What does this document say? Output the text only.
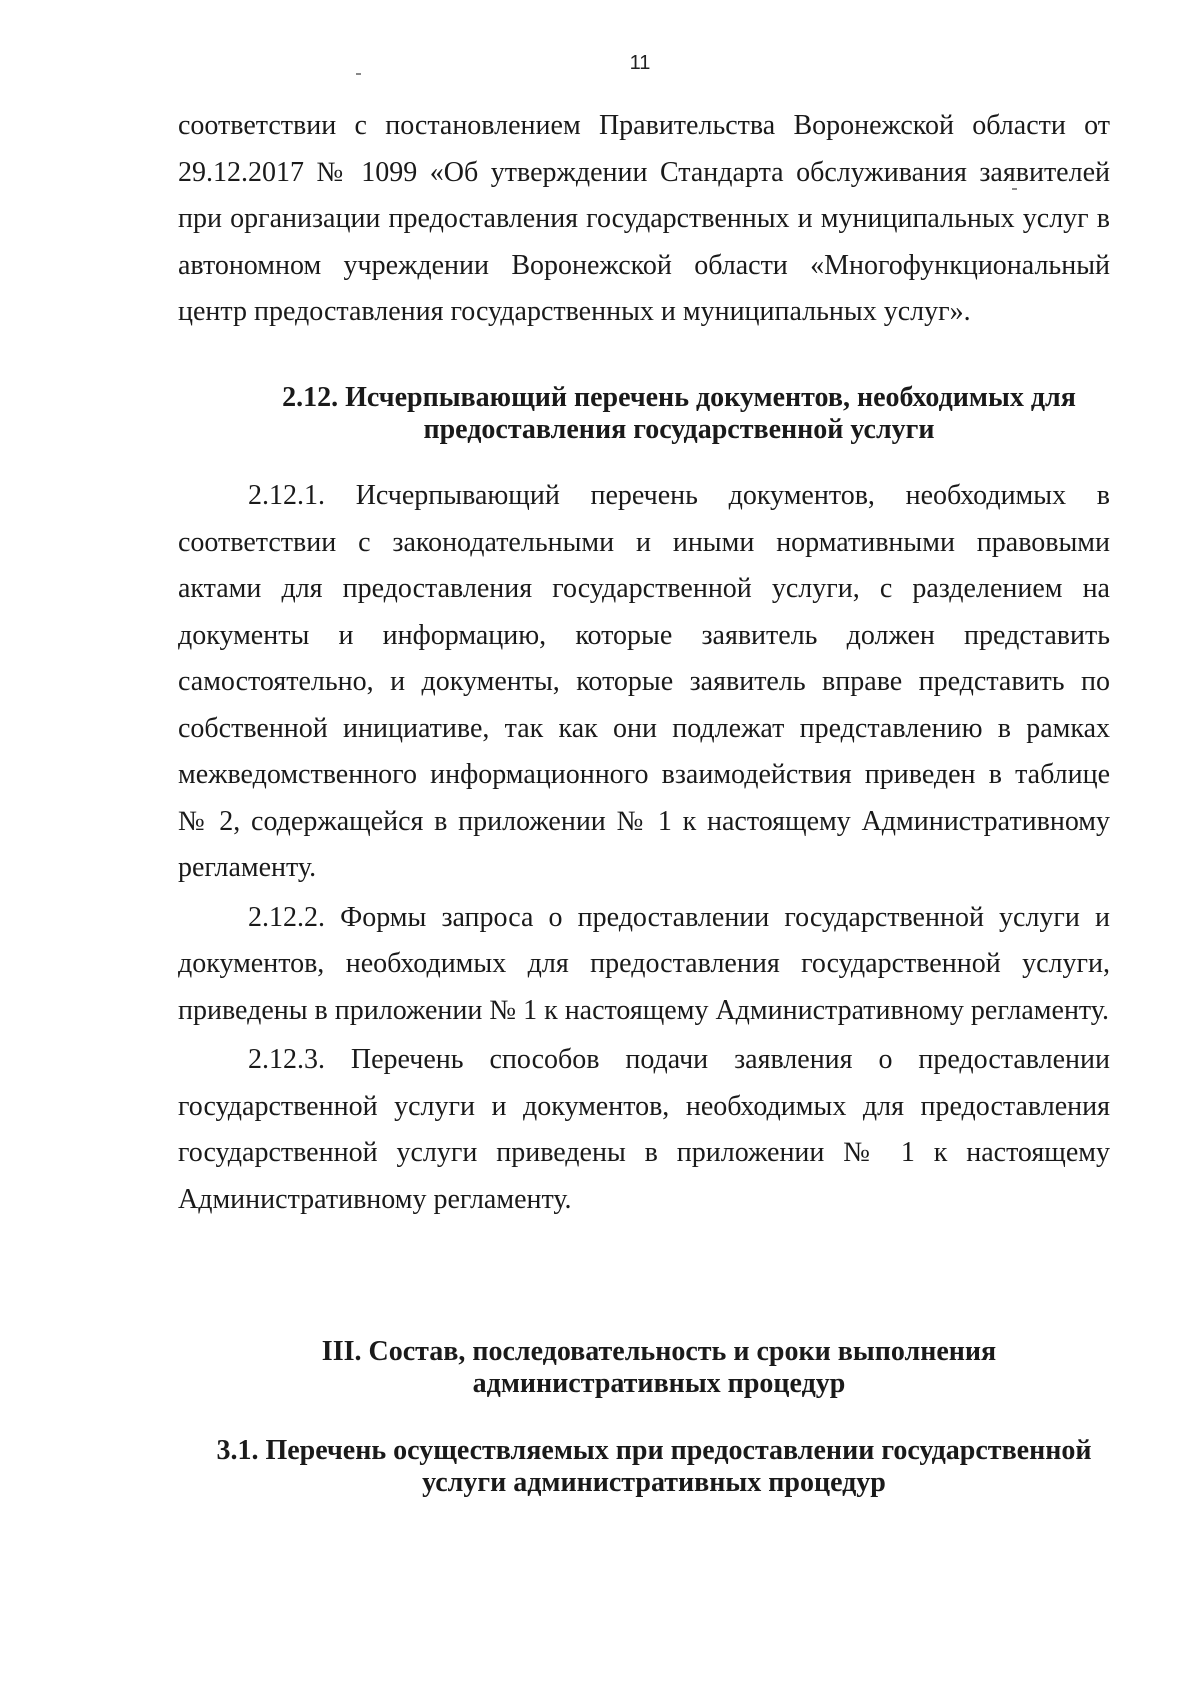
11

соответствии с постановлением Правительства Воронежской области от 29.12.2017 № 1099 «Об утверждении Стандарта обслуживания заявителей при организации предоставления государственных и муниципальных услуг в автономном учреждении Воронежской области «Многофункциональный центр предоставления государственных и муниципальных услуг».

2.12. Исчерпывающий перечень документов, необходимых для предоставления государственной услуги

2.12.1. Исчерпывающий перечень документов, необходимых в соответствии с законодательными и иными нормативными правовыми актами для предоставления государственной услуги, с разделением на документы и информацию, которые заявитель должен представить самостоятельно, и документы, которые заявитель вправе представить по собственной инициативе, так как они подлежат представлению в рамках межведомственного информационного взаимодействия приведен в таблице № 2, содержащейся в приложении № 1 к настоящему Административному регламенту.

2.12.2. Формы запроса о предоставлении государственной услуги и документов, необходимых для предоставления государственной услуги, приведены в приложении № 1 к настоящему Административному регламенту.

2.12.3. Перечень способов подачи заявления о предоставлении государственной услуги и документов, необходимых для предоставления государственной услуги приведены в приложении № 1 к настоящему Административному регламенту.

III. Состав, последовательность и сроки выполнения административных процедур
3.1. Перечень осуществляемых при предоставлении государственной услуги административных процедур
